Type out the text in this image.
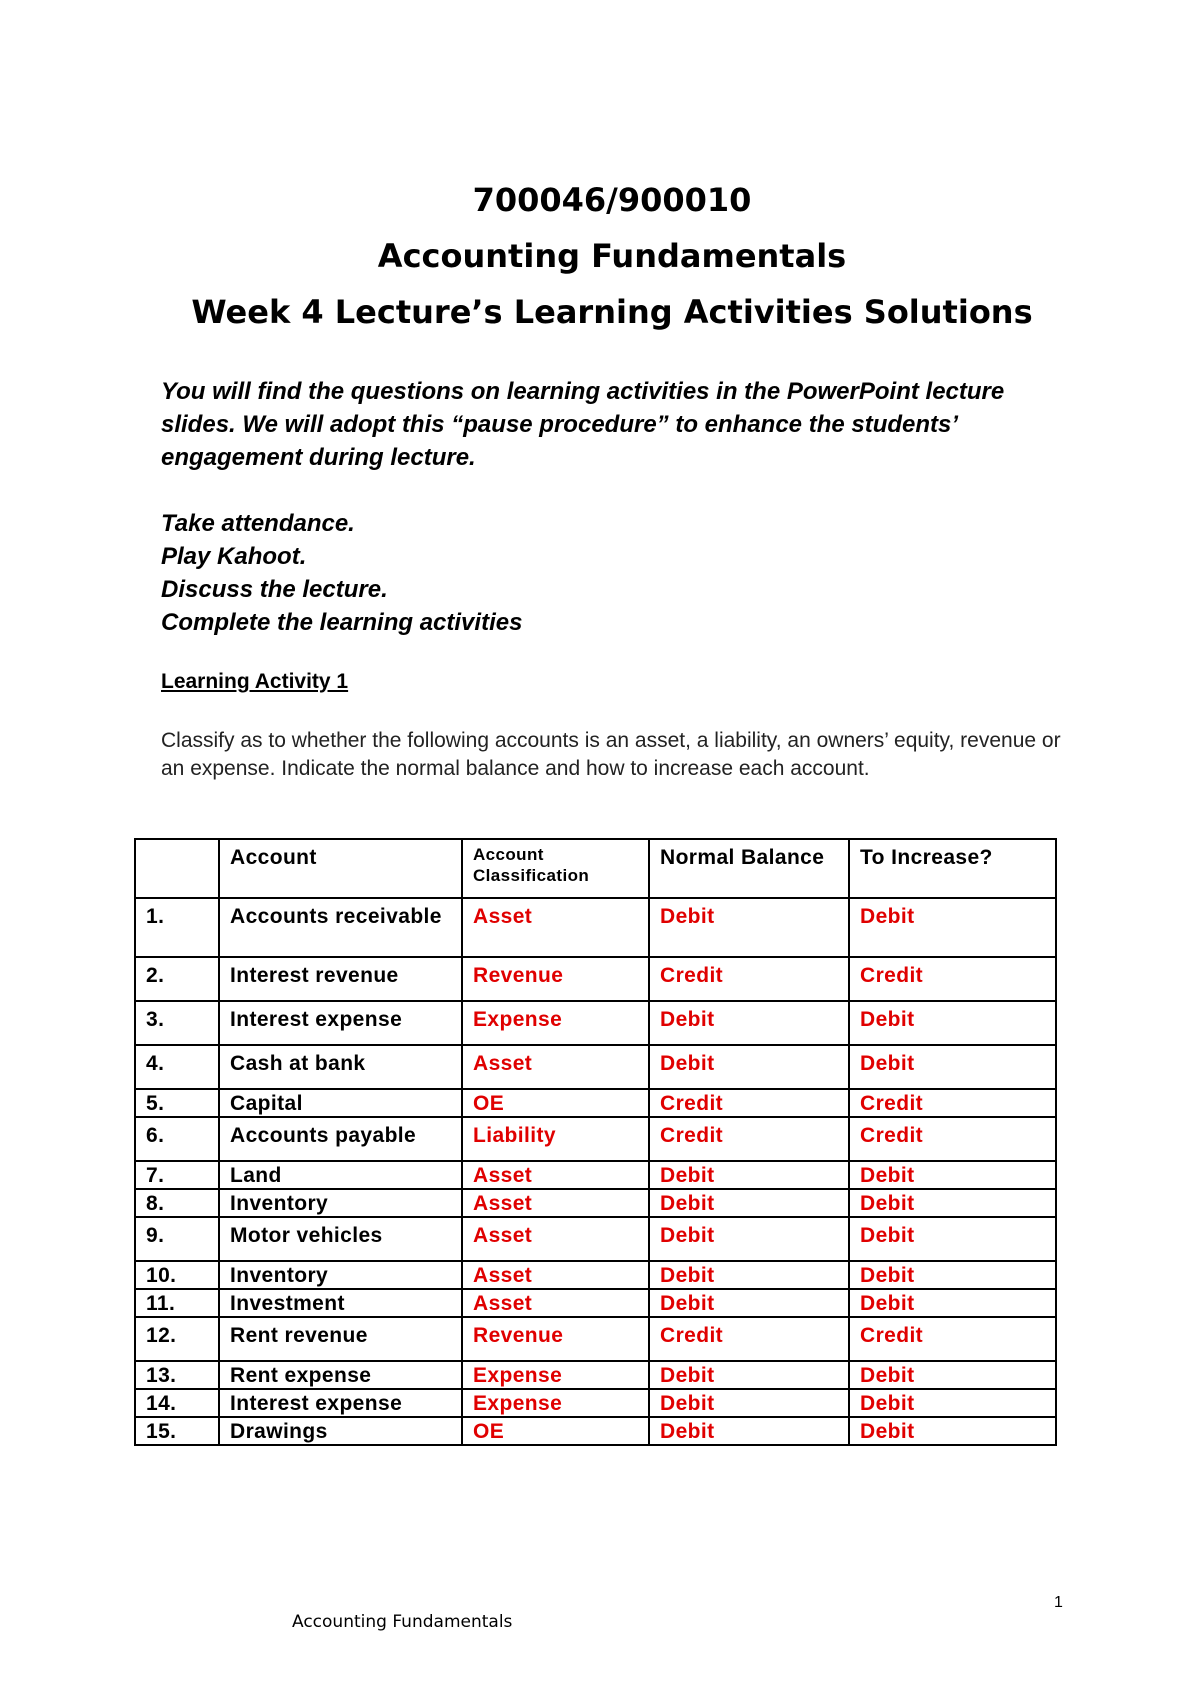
700046/900010

Accounting Fundamentals

Week 4 Lecture’s Learning Activities Solutions

You will find the questions on learning activities in the PowerPoint lecture slides. We will adopt this “pause procedure” to enhance the students’ engagement during lecture.

Take attendance.

Play Kahoot.

Discuss the lecture.

Complete the learning activities

Learning Activity 1

Classify as to whether the following accounts is an asset, a liability, an owners’ equity, revenue or an expense. Indicate the normal balance and how to increase each account.
	Account	Account Classification	Normal Balance	To Increase?
1.	Accounts receivable	Asset	Debit	Debit
2.	Interest revenue	Revenue	Credit	Credit
3.	Interest expense	Expense	Debit	Debit
4.	Cash at bank	Asset	Debit	Debit
5.	Capital	OE	Credit	Credit
6.	Accounts payable	Liability	Credit	Credit
7.	Land	Asset	Debit	Debit
8.	Inventory	Asset	Debit	Debit
9.	Motor vehicles	Asset	Debit	Debit
10.	Inventory	Asset	Debit	Debit
11.	Investment	Asset	Debit	Debit
12.	Rent revenue	Revenue	Credit	Credit
13.	Rent expense	Expense	Debit	Debit
14.	Interest expense	Expense	Debit	Debit
15.	Drawings	OE	Debit	Debit
1
Accounting Fundamentals
